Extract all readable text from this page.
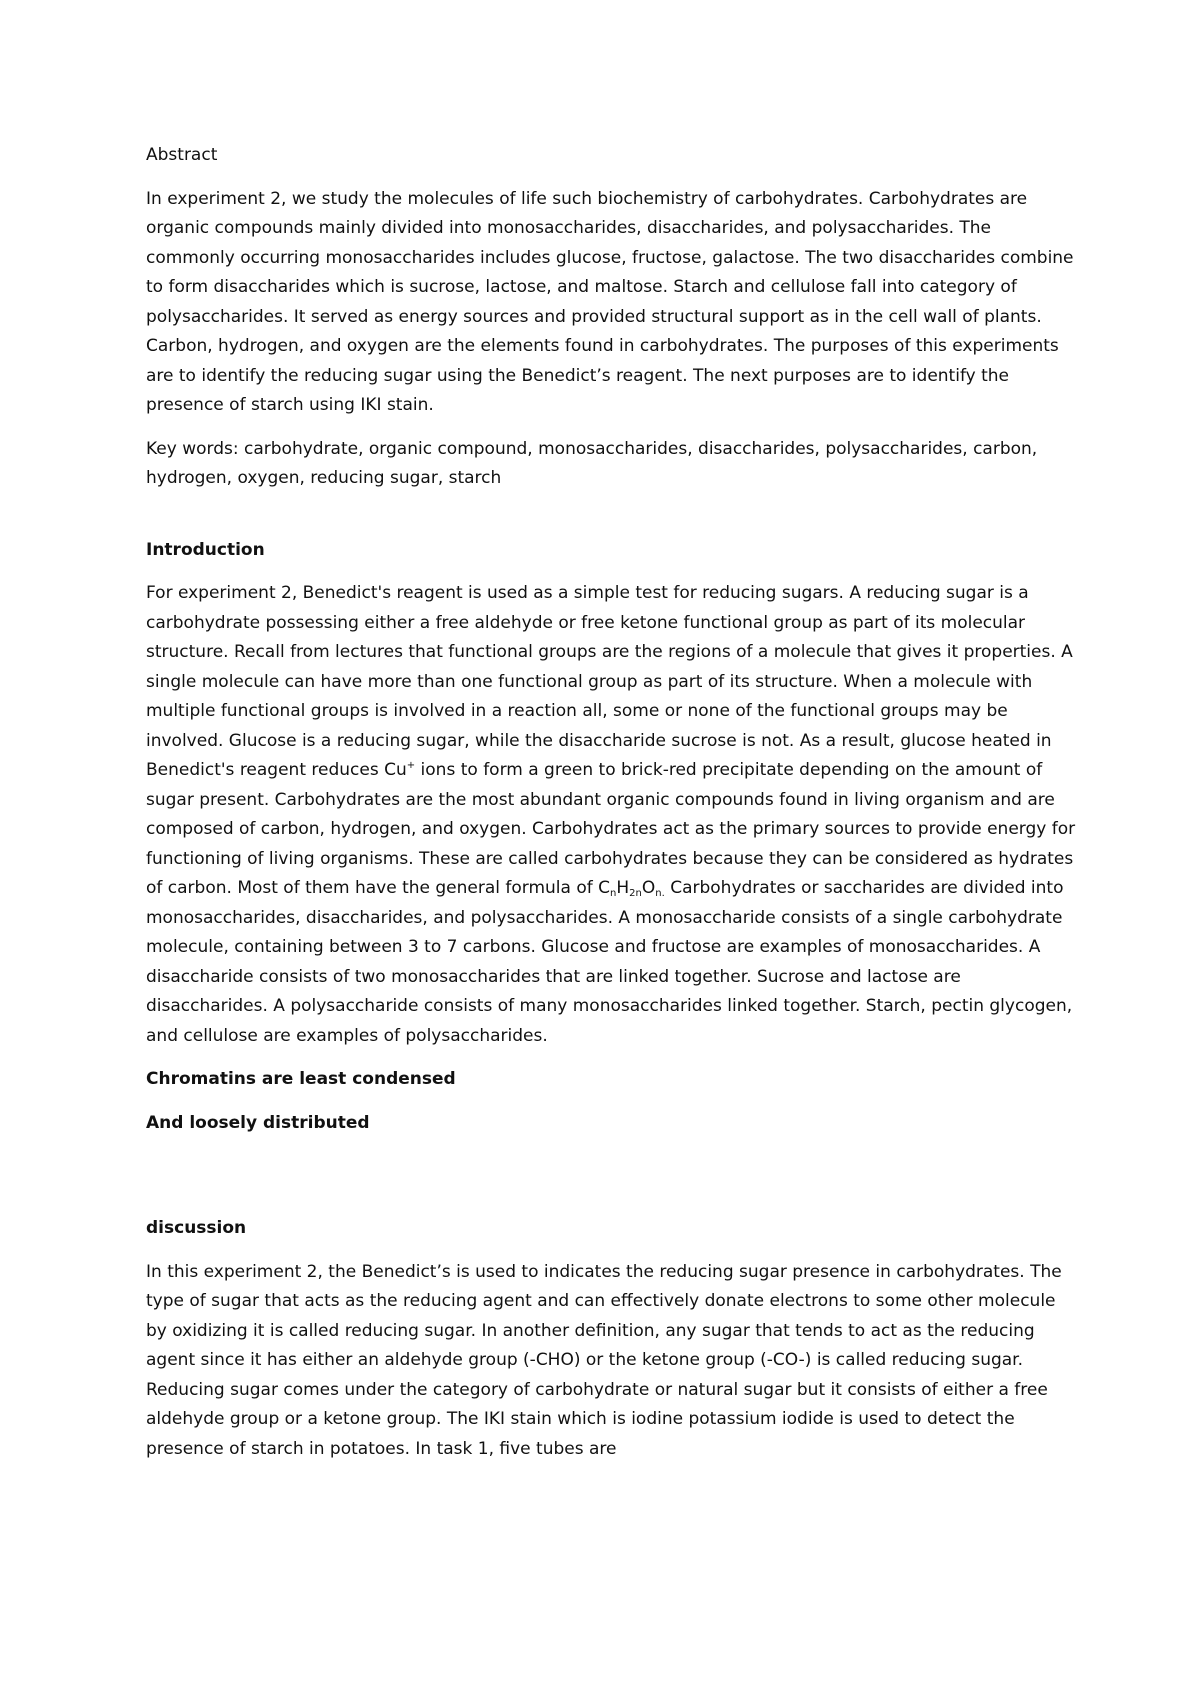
Abstract

In experiment 2, we study the molecules of life such biochemistry of carbohydrates. Carbohydrates are organic compounds mainly divided into monosaccharides, disaccharides, and polysaccharides. The commonly occurring monosaccharides includes glucose, fructose, galactose. The two disaccharides combine to form disaccharides which is sucrose, lactose, and maltose. Starch and cellulose fall into category of polysaccharides. It served as energy sources and provided structural support as in the cell wall of plants. Carbon, hydrogen, and oxygen are the elements found in carbohydrates. The purposes of this experiments are to identify the reducing sugar using the Benedict’s reagent. The next purposes are to identify the presence of starch using IKI stain.

Key words: carbohydrate, organic compound, monosaccharides, disaccharides, polysaccharides, carbon, hydrogen, oxygen, reducing sugar, starch

Introduction

For experiment 2, Benedict's reagent is used as a simple test for reducing sugars. A reducing sugar is a carbohydrate possessing either a free aldehyde or free ketone functional group as part of its molecular structure. Recall from lectures that functional groups are the regions of a molecule that gives it properties. A single molecule can have more than one functional group as part of its structure. When a molecule with multiple functional groups is involved in a reaction all, some or none of the functional groups may be involved. Glucose is a reducing sugar, while the disaccharide sucrose is not. As a result, glucose heated in Benedict's reagent reduces Cu+ ions to form a green to brick-red precipitate depending on the amount of sugar present. Carbohydrates are the most abundant organic compounds found in living organism and are composed of carbon, hydrogen, and oxygen. Carbohydrates act as the primary sources to provide energy for functioning of living organisms. These are called carbohydrates because they can be considered as hydrates of carbon. Most of them have the general formula of $C_nH_{2n}O_{n.}$ Carbohydrates or saccharides are divided into monosaccharides, disaccharides, and polysaccharides. A monosaccharide consists of a single carbohydrate molecule, containing between 3 to 7 carbons. Glucose and fructose are examples of monosaccharides. A disaccharide consists of two monosaccharides that are linked together. Sucrose and lactose are disaccharides. A polysaccharide consists of many monosaccharides linked together. Starch, pectin glycogen, and cellulose are examples of polysaccharides.

Chromatins are least condensed

And loosely distributed

discussion

In this experiment 2, the Benedict’s is used to indicates the reducing sugar presence in carbohydrates. The type of sugar that acts as the reducing agent and can effectively donate electrons to some other molecule by oxidizing it is called reducing sugar. In another definition, any sugar that tends to act as the reducing agent since it has either an aldehyde group (-CHO) or the ketone group (-CO-) is called reducing sugar. Reducing sugar comes under the category of carbohydrate or natural sugar but it consists of either a free aldehyde group or a ketone group. The IKI stain which is iodine potassium iodide is used to detect the presence of starch in potatoes. In task 1, five tubes are
